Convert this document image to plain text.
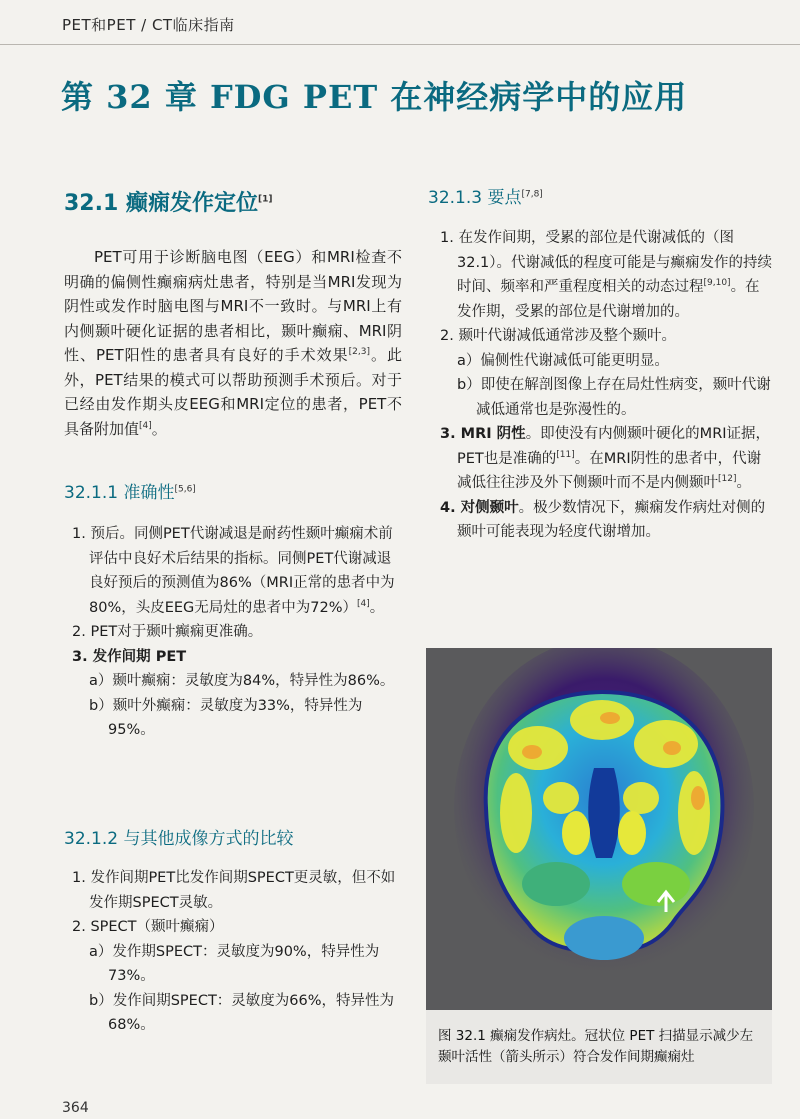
PET和PET / CT临床指南
第 32 章 FDG PET 在神经病学中的应用
32.1 癫痫发作定位[1]

PET可用于诊断脑电图（EEG）和MRI检查不明确的偏侧性癫痫病灶患者，特别是当MRI发现为阴性或发作时脑电图与MRI不一致时。与MRI上有内侧颞叶硬化证据的患者相比，颞叶癫痫、MRI阴性、PET阳性的患者具有良好的手术效果[2,3]。此外，PET结果的模式可以帮助预测手术预后。对于已经由发作期头皮EEG和MRI定位的患者，PET不具备附加值[4]。

32.1.1 准确性[5,6]
1. 预后。同侧PET代谢减退是耐药性颞叶癫痫术前评估中良好术后结果的指标。同侧PET代谢减退良好预后的预测值为86%（MRI正常的患者中为80%，头皮EEG无局灶的患者中为72%）[4]。
2. PET对于颞叶癫痫更准确。
3. 发作间期 PET
a）颞叶癫痫：灵敏度为84%，特异性为86%。
b）颞叶外癫痫：灵敏度为33%，特异性为95%。
32.1.2 与其他成像方式的比较
1. 发作间期PET比发作间期SPECT更灵敏，但不如发作期SPECT灵敏。
2. SPECT（颞叶癫痫）
a）发作期SPECT：灵敏度为90%，特异性为73%。
b）发作间期SPECT：灵敏度为66%，特异性为68%。
32.1.3 要点[7,8]
1. 在发作间期，受累的部位是代谢减低的（图32.1）。代谢减低的程度可能是与癫痫发作的持续时间、频率和严重程度相关的动态过程[9,10]。在发作期，受累的部位是代谢增加的。
2. 颞叶代谢减低通常涉及整个颞叶。
a）偏侧性代谢减低可能更明显。
b）即使在解剖图像上存在局灶性病变，颞叶代谢减低通常也是弥漫性的。
3. MRI 阴性。即使没有内侧颞叶硬化的MRI证据，PET也是准确的[11]。在MRI阴性的患者中，代谢减低往往涉及外下侧颞叶而不是内侧颞叶[12]。
4. 对侧颞叶。极少数情况下，癫痫发作病灶对侧的颞叶可能表现为轻度代谢增加。
图 32.1 癫痫发作病灶。冠状位 PET 扫描显示减少左颞叶活性（箭头所示）符合发作间期癫痫灶
364
